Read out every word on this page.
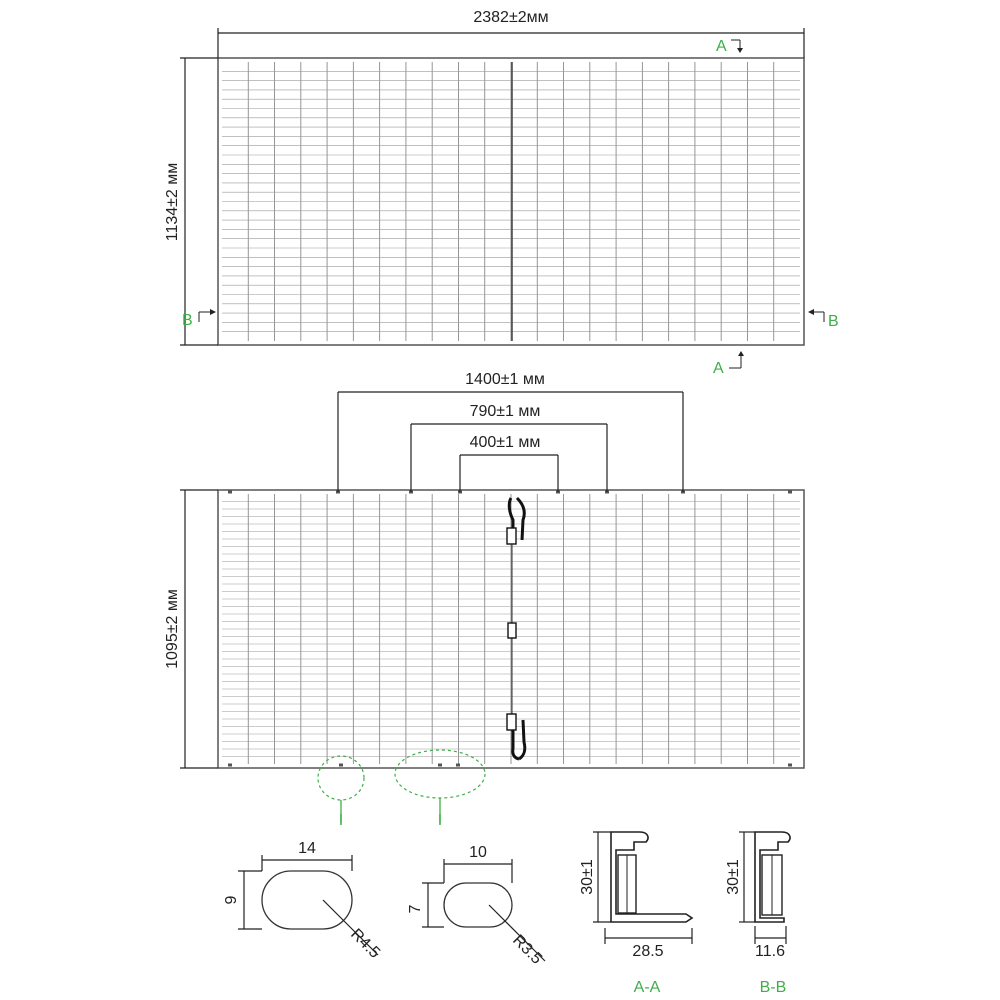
2382±2мм
1134±2 мм
A
A
B	B
1400±1 мм
790±1 мм
400±1 мм
1095±2 мм
14
9
R4.5
10
7
R3.5
30±1
28.5
A-A
30±1
11.6
B-B
I	I
